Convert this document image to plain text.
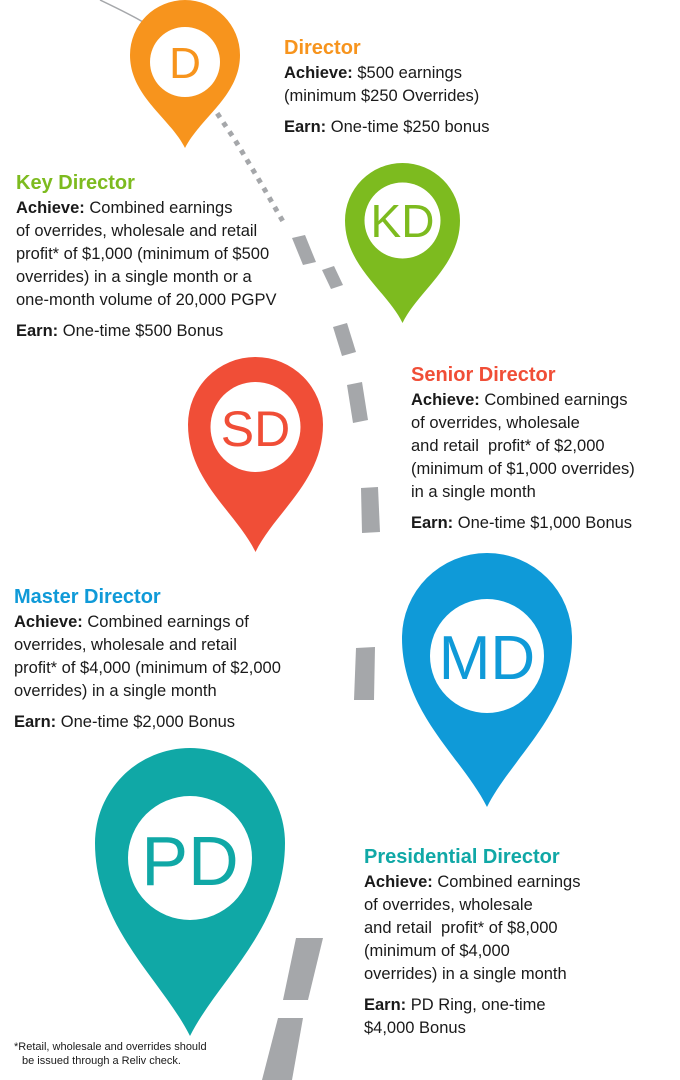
D
KD
SD
MD
PD
Director
Achieve: $500 earnings
(minimum $250 Overrides)
Earn: One-time $250 bonus
Key Director
Achieve: Combined earnings
of overrides, wholesale and retail
profit* of $1,000 (minimum of $500
overrides) in a single month or a
one-month volume of 20,000 PGPV
Earn: One-time $500 Bonus
Senior Director
Achieve: Combined earnings
of overrides, wholesale
and retail  profit* of $2,000
(minimum of $1,000 overrides)
in a single month
Earn: One-time $1,000 Bonus
Master Director
Achieve: Combined earnings of
overrides, wholesale and retail
profit* of $4,000 (minimum of $2,000
overrides) in a single month
Earn: One-time $2,000 Bonus
Presidential Director
Achieve: Combined earnings
of overrides, wholesale
and retail  profit* of $8,000
(minimum of $4,000
overrides) in a single month
Earn: PD Ring, one-time
$4,000 Bonus
*Retail, wholesale and overrides should
be issued through a Reliv check.
